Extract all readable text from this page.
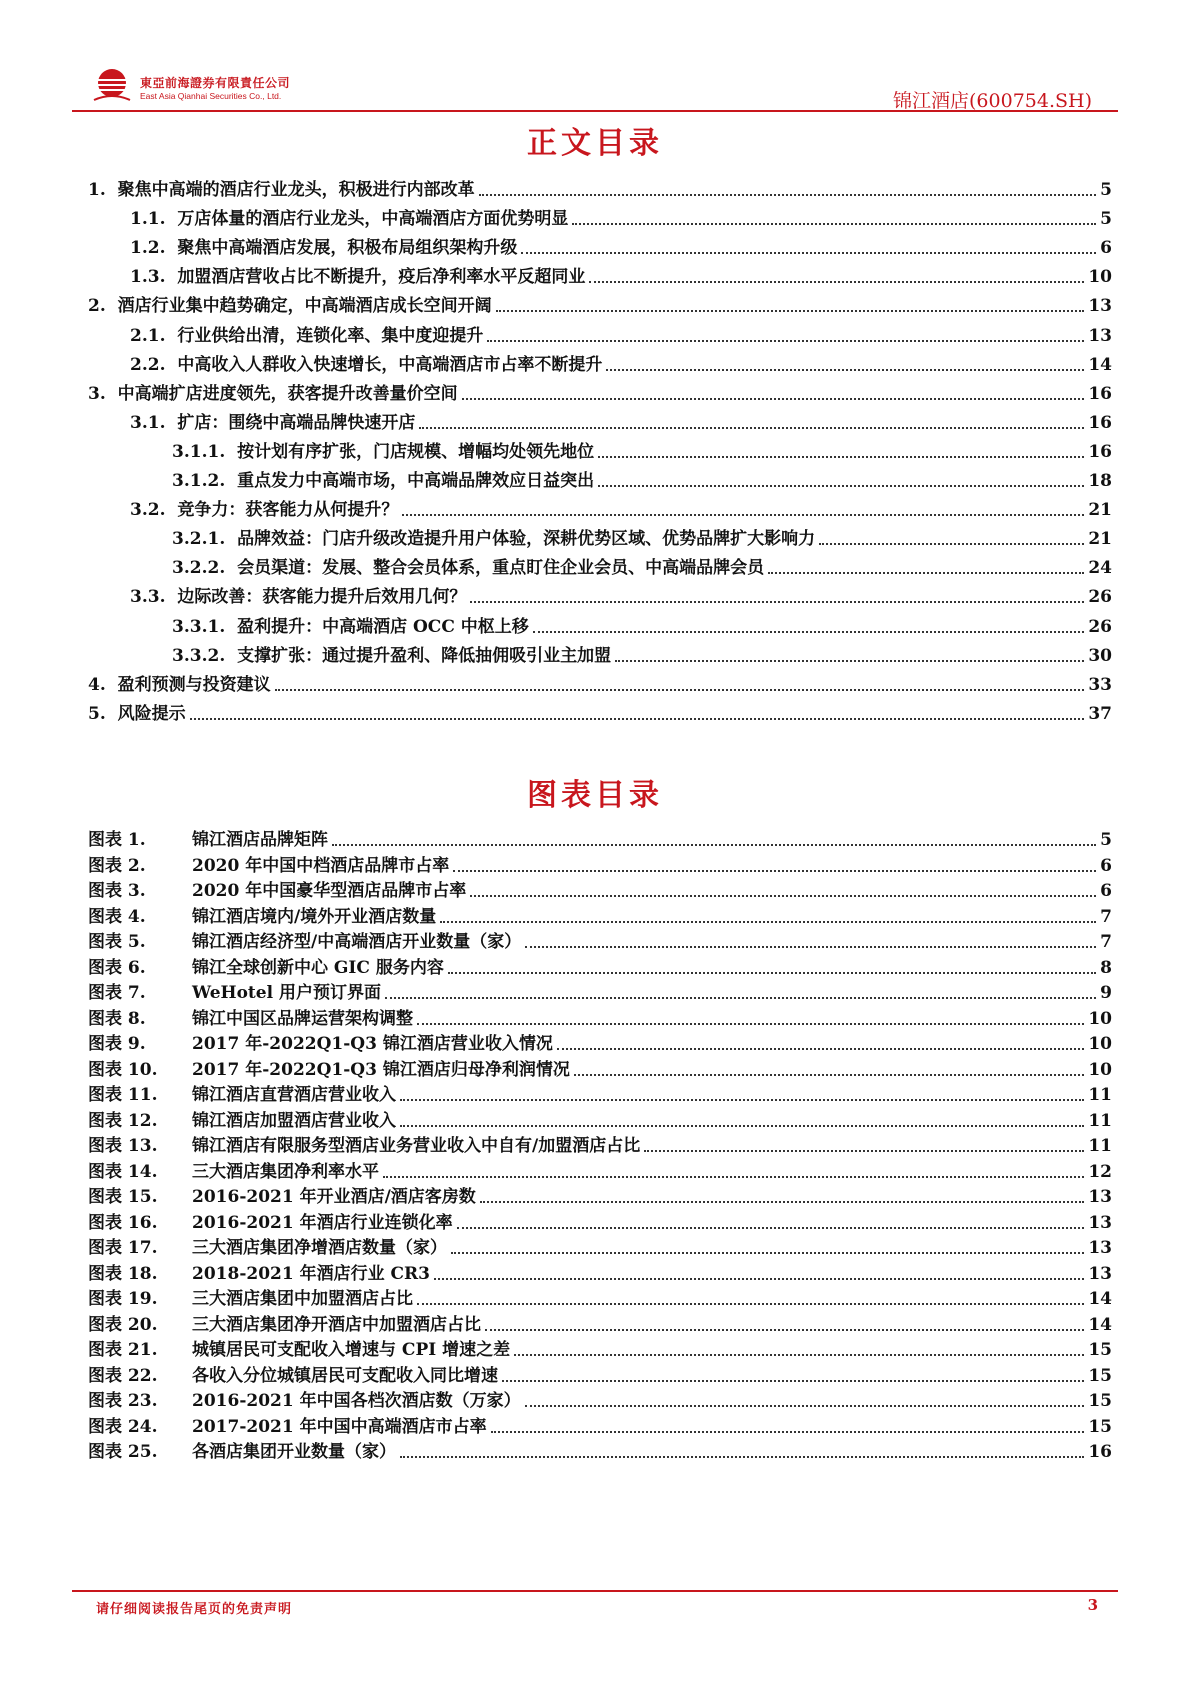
東亞前海證券有限責任公司
East Asia Qianhai Securities Co., Ltd.	锦江酒店(600754.SH)
正文目录
1. 聚焦中高端的酒店行业龙头，积极进行内部改革	5
1.1. 万店体量的酒店行业龙头，中高端酒店方面优势明显	5
1.2. 聚焦中高端酒店发展，积极布局组织架构升级	6
1.3. 加盟酒店营收占比不断提升，疫后净利率水平反超同业	10
2. 酒店行业集中趋势确定，中高端酒店成长空间开阔	13
2.1. 行业供给出清，连锁化率、集中度迎提升	13
2.2. 中高收入人群收入快速增长，中高端酒店市占率不断提升	14
3. 中高端扩店进度领先，获客提升改善量价空间	16
3.1. 扩店：围绕中高端品牌快速开店	16
3.1.1. 按计划有序扩张，门店规模、增幅均处领先地位	16
3.1.2. 重点发力中高端市场，中高端品牌效应日益突出	18
3.2. 竞争力：获客能力从何提升？	21
3.2.1. 品牌效益：门店升级改造提升用户体验，深耕优势区域、优势品牌扩大影响力	21
3.2.2. 会员渠道：发展、整合会员体系，重点盯住企业会员、中高端品牌会员	24
3.3. 边际改善：获客能力提升后效用几何？	26
3.3.1. 盈利提升：中高端酒店 OCC 中枢上移	26
3.3.2. 支撑扩张：通过提升盈利、降低抽佣吸引业主加盟	30
4. 盈利预测与投资建议	33
5. 风险提示	37
图表目录
图表 1.	锦江酒店品牌矩阵	5
图表 2.	2020 年中国中档酒店品牌市占率	6
图表 3.	2020 年中国豪华型酒店品牌市占率	6
图表 4.	锦江酒店境内/境外开业酒店数量	7
图表 5.	锦江酒店经济型/中高端酒店开业数量（家）	7
图表 6.	锦江全球创新中心 GIC 服务内容	8
图表 7.	WeHotel 用户预订界面	9
图表 8.	锦江中国区品牌运营架构调整	10
图表 9.	2017 年-2022Q1-Q3 锦江酒店营业收入情况	10
图表 10.	2017 年-2022Q1-Q3 锦江酒店归母净利润情况	10
图表 11.	锦江酒店直营酒店营业收入	11
图表 12.	锦江酒店加盟酒店营业收入	11
图表 13.	锦江酒店有限服务型酒店业务营业收入中自有/加盟酒店占比	11
图表 14.	三大酒店集团净利率水平	12
图表 15.	2016-2021 年开业酒店/酒店客房数	13
图表 16.	2016-2021 年酒店行业连锁化率	13
图表 17.	三大酒店集团净增酒店数量（家）	13
图表 18.	2018-2021 年酒店行业 CR3	13
图表 19.	三大酒店集团中加盟酒店占比	14
图表 20.	三大酒店集团净开酒店中加盟酒店占比	14
图表 21.	城镇居民可支配收入增速与 CPI 增速之差	15
图表 22.	各收入分位城镇居民可支配收入同比增速	15
图表 23.	2016-2021 年中国各档次酒店数（万家）	15
图表 24.	2017-2021 年中国中高端酒店市占率	15
图表 25.	各酒店集团开业数量（家）	16
请仔细阅读报告尾页的免责声明	3
